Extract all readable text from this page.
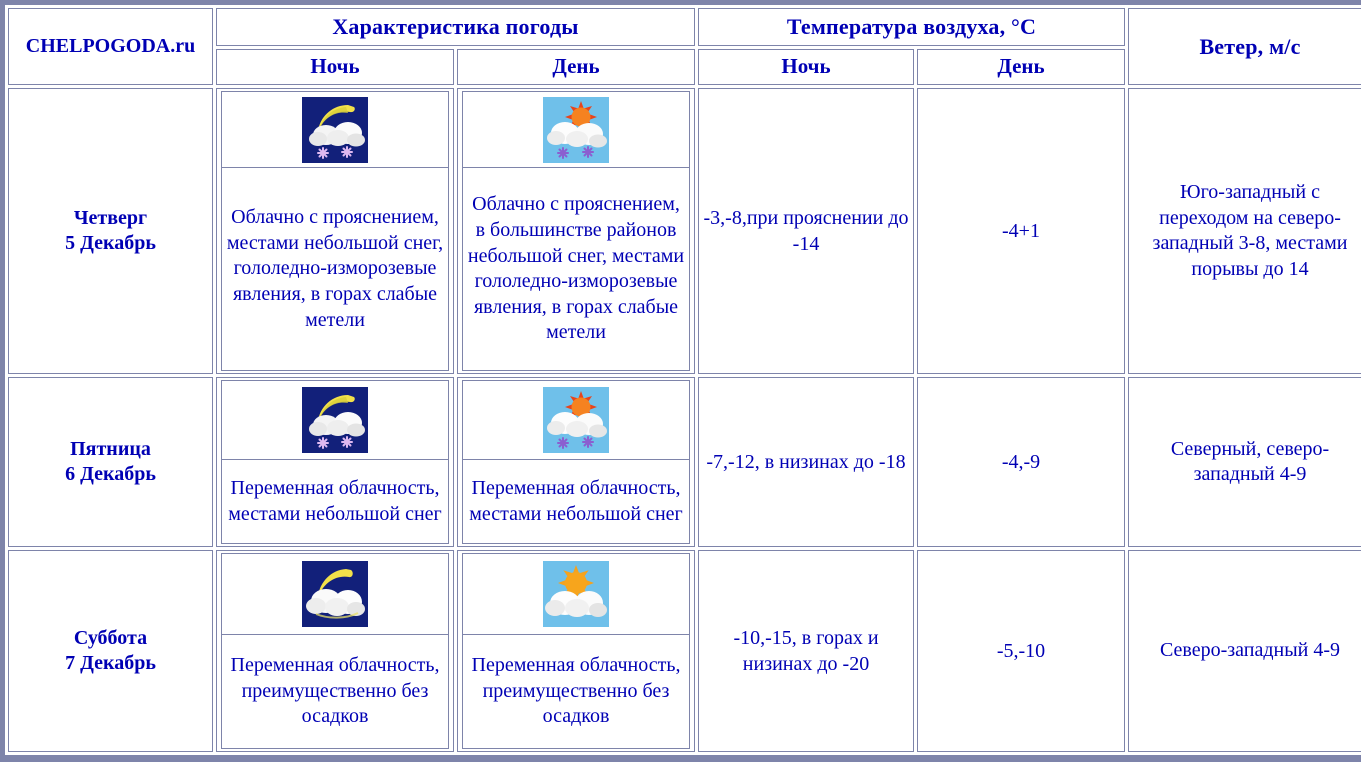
CHELPOGODA.ru	Характеристика погоды		Температура воздуха, °C		Ветер, м/с
	Ночь	День	Ночь	День	

Четверг
5 Декабрь	Облачно с прояснением, местами небольшой снег, гололедно-изморозевые явления, в горах слабые метели	Облачно с прояснением, в большинстве районов небольшой снег, местами гололедно-изморозевые явления, в горах слабые метели	-3,-8,при прояснении до -14	-4+1	Юго-западный с переходом на северо-западный 3-8, местами порывы до 14

Пятница
6 Декабрь	Переменная облачность, местами небольшой снег	Переменная облачность, местами небольшой снег	-7,-12, в низинах до -18	-4,-9	Северный, северо-западный 4-9

Суббота
7 Декабрь	Переменная облачность, преимущественно без осадков	Переменная облачность, преимущественно без осадков	-10,-15, в горах и низинах до -20	-5,-10	Северо-западный 4-9
